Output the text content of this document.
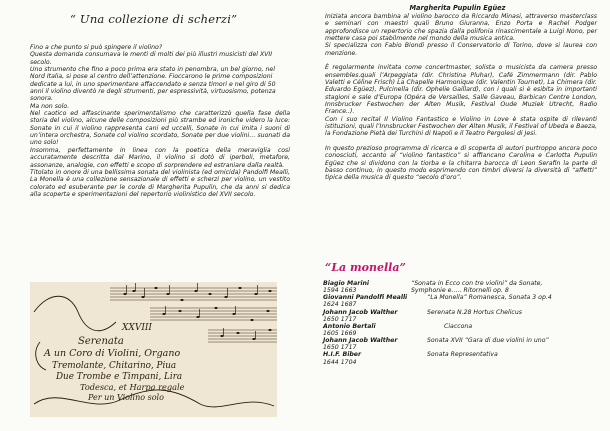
“ Una collezione di scherzi”

Fino a che punto si può spingere il violino?

Questa domanda consumava le menti di molti dei più illustri musicisti del XVII secolo.

Uno strumento che fino a poco prima era stato in penombra, un bel giorno, nel Nord Italia, si pose al centro dell’attenzione. Fioccarono le prime composizioni dedicate a lui, in uno sperimentare affaccendato e senza timori e nel giro di 50 anni il violino diventò re degli strumenti, per espressività, virtuosismo, potenza sonora.

Ma non solo.

Nel caotico ed affascinante sperimentalismo che caratterizzò quella fase della storia del violino, alcune delle composizioni più strambe ed ironiche videro la luce: Sonate in cui il violino rappresenta cani ed uccelli, Sonate in cui imita i suoni di un’intera orchestra, Sonate col violino scordato, Sonate per due violini… suonati da uno solo!

Insomma, perfettamente in linea con la poetica della meraviglia così accuratamente descritta dal Marino, il violino si dotò di iperboli, metafore, assonanze, analogie, con effetti e scopo di sorprendere ed estraniare dalla realtà.

Titolato in onore di una bellissima sonata del violinista (ed omicida) Pandolfi Mealli, La Monella è una collezione sensazionale di effetti e scherzi per violino, un vestito colorato ed esuberante per le corde di Margherita Pupulin, che da anni si dedica alla scoperta e sperimentazioni del repertorio violinistico del XVII secolo.

XXVIII
Serenata
A un Coro di Violini, Organo
Tremolante, Chitarino, Piua
Due Trombe e Timpani, Lira
Todesca, et Harpa regale
Per un Violino solo
Margherita Pupulin Egüez

Iniziata ancora bambina al violino barocco da Riccardo Minasi, attraverso masterclass e seminari con maestri quali Bruno Giuranna, Enzo Porta e Rachel Podger approfondisce un repertorio che spazia dalla polifonia rinascimentale a Luigi Nono, per mettere casa poi stabilmente nel mondo della musica antica.

Si specializza con Fabio Biondi presso il Conservatorio di Torino, dove si laurea con menzione.

È regolarmente invitata come concertmaster, solista o musicista da camera presso ensembles.quali l’Arpeggiata (dir. Christina Pluhar), Café Zimmermann (dir. Pablo Valetti e Céline Frisch) La Chapelle Harmonique (dir. Valentin Tournet), La Chimera (dir. Eduardo Egüez), Pulcinella (dir. Ophelie Gaillard), con i quali si è esibita in importanti stagioni e sale d’Europa (Opéra de Versailles, Salle Gaveau, Barbican Centre London, Innsbrucker Festwochen der Alten Musik, Festival Oude Muziek Utrecht, Radio France..).

Con i suo recital Il Violino Fantastico e Violino in Love è stata ospite di rilevanti istituzioni, quali l’Innsbrucker Festwochen der Alten Musik, il Festival of Ubeda e Baeza, la Fondazione Pietà dei Turchini di Napoli e il Teatro Pergolesi di Jesi.

In questo prezioso programma di ricerca e di scoperta di autori purtroppo ancora poco conosciuti, accanto al “violino fantastico” si affiancano Carolina e Carlotta Pupulin Egüez che si dividono con la tiorba e la chitarra barocca di Leon Serafin la parte di basso continuo, in questo modo esprimendo con timbri diversi la diversità di “affetti” tipica della musica di questo “secolo d’oro”.

“La monella”
Biagio Marini	“Sonata in Ecco con tre violini” da Sonate,
1594 1663	Symphonie e….. Ritornelli op. 8
Giovanni Pandolfi Mealli	“La Monella” Romanesca, Sonata 3 op.4
1624 1687
Johann Jacob Walther	Serenata N.28 Hortus Chelicus
1650 1717
Antonio Bertali	Ciaccona
1605 1669
Johann Jacob Walther	Sonata XVII “Gara di due violini in uno”
1650 1717
H.I.F. Biber	Sonata Representativa
1644 1704
